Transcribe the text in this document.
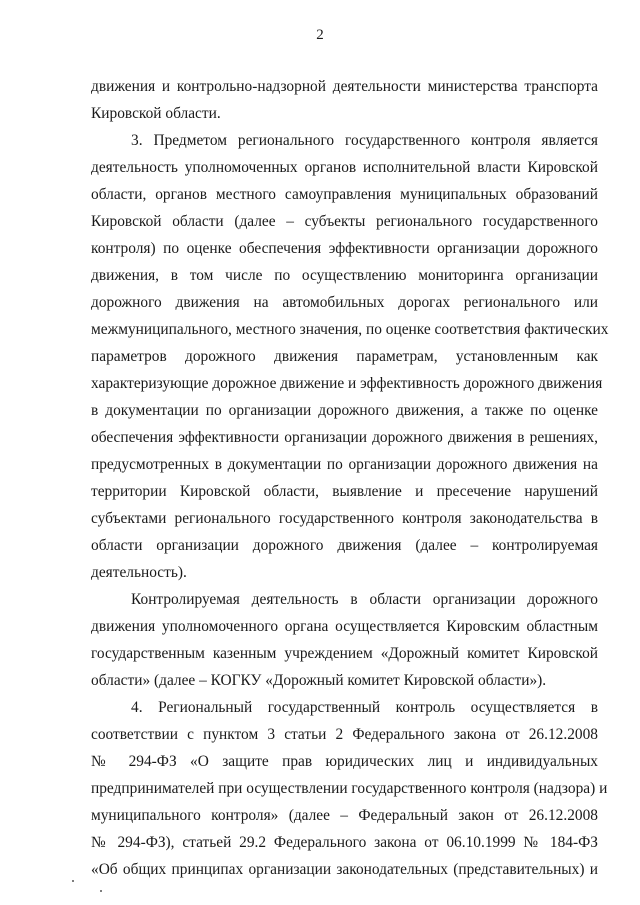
2
движения и контрольно-надзорной деятельности министерства транспорта
Кировской области.
3. Предметом регионального государственного контроля является
деятельность уполномоченных органов исполнительной власти Кировской
области, органов местного самоуправления муниципальных образований
Кировской области (далее – субъекты регионального государственного
контроля) по оценке обеспечения эффективности организации дорожного
движения, в том числе по осуществлению мониторинга организации
дорожного движения на автомобильных дорогах регионального или
межмуниципального, местного значения, по оценке соответствия фактических
параметров дорожного движения параметрам, установленным как
характеризующие дорожное движение и эффективность дорожного движения
в документации по организации дорожного движения, а также по оценке
обеспечения эффективности организации дорожного движения в решениях,
предусмотренных в документации по организации дорожного движения на
территории Кировской области, выявление и пресечение нарушений
субъектами регионального государственного контроля законодательства в
области организации дорожного движения (далее – контролируемая
деятельность).
Контролируемая деятельность в области организации дорожного
движения уполномоченного органа осуществляется Кировским областным
государственным казенным учреждением «Дорожный комитет Кировской
области» (далее – КОГКУ «Дорожный комитет Кировской области»).
4. Региональный государственный контроль осуществляется в
соответствии с пунктом 3 статьи 2 Федерального закона от 26.12.2008
№ 294-ФЗ «О защите прав юридических лиц и индивидуальных
предпринимателей при осуществлении государственного контроля (надзора) и
муниципального контроля» (далее – Федеральный закон от 26.12.2008
№ 294-ФЗ), статьей 29.2 Федерального закона от 06.10.1999 № 184-ФЗ
«Об общих принципах организации законодательных (представительных) и
